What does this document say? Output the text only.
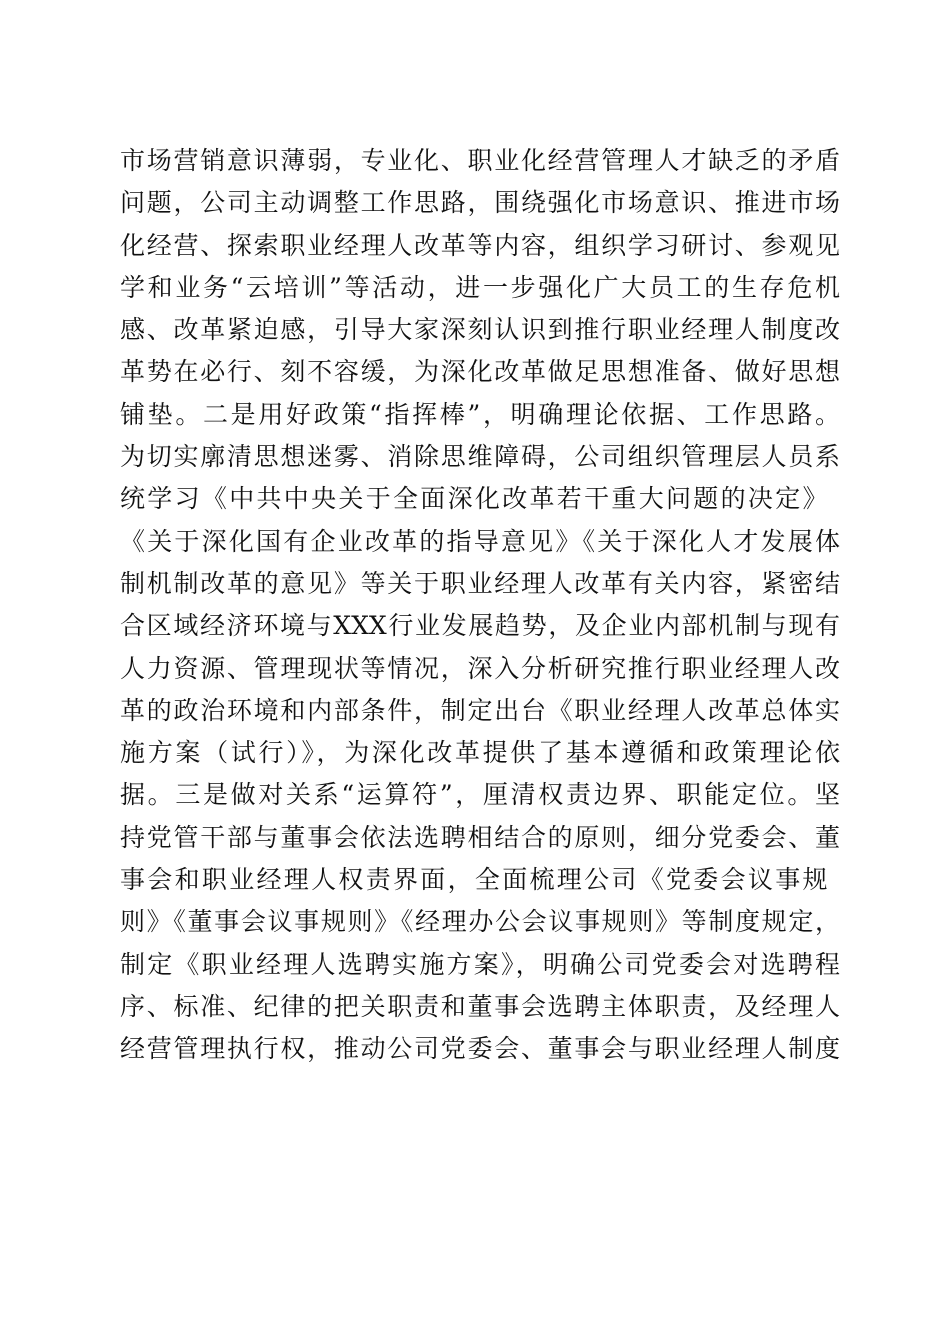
市场营销意识薄弱，专业化、职业化经营管理人才缺乏的矛盾
问题，公司主动调整工作思路，围绕强化市场意识、推进市场
化经营、探索职业经理人改革等内容，组织学习研讨、参观见
学和业务“云培训”等活动，进一步强化广大员工的生存危机
感、改革紧迫感，引导大家深刻认识到推行职业经理人制度改
革势在必行、刻不容缓，为深化改革做足思想准备、做好思想
铺垫。二是用好政策“指挥棒”，明确理论依据、工作思路。
为切实廓清思想迷雾、消除思维障碍，公司组织管理层人员系
统学习《中共中央关于全面深化改革若干重大问题的决定》
《关于深化国有企业改革的指导意见》《关于深化人才发展体
制机制改革的意见》等关于职业经理人改革有关内容，紧密结
合区域经济环境与XXX行业发展趋势，及企业内部机制与现有
人力资源、管理现状等情况，深入分析研究推行职业经理人改
革的政治环境和内部条件，制定出台《职业经理人改革总体实
施方案（试行）》，为深化改革提供了基本遵循和政策理论依
据。三是做对关系“运算符”，厘清权责边界、职能定位。坚
持党管干部与董事会依法选聘相结合的原则，细分党委会、董
事会和职业经理人权责界面，全面梳理公司《党委会议事规
则》《董事会议事规则》《经理办公会议事规则》等制度规定，
制定《职业经理人选聘实施方案》，明确公司党委会对选聘程
序、标准、纪律的把关职责和董事会选聘主体职责，及经理人
经营管理执行权，推动公司党委会、董事会与职业经理人制度
